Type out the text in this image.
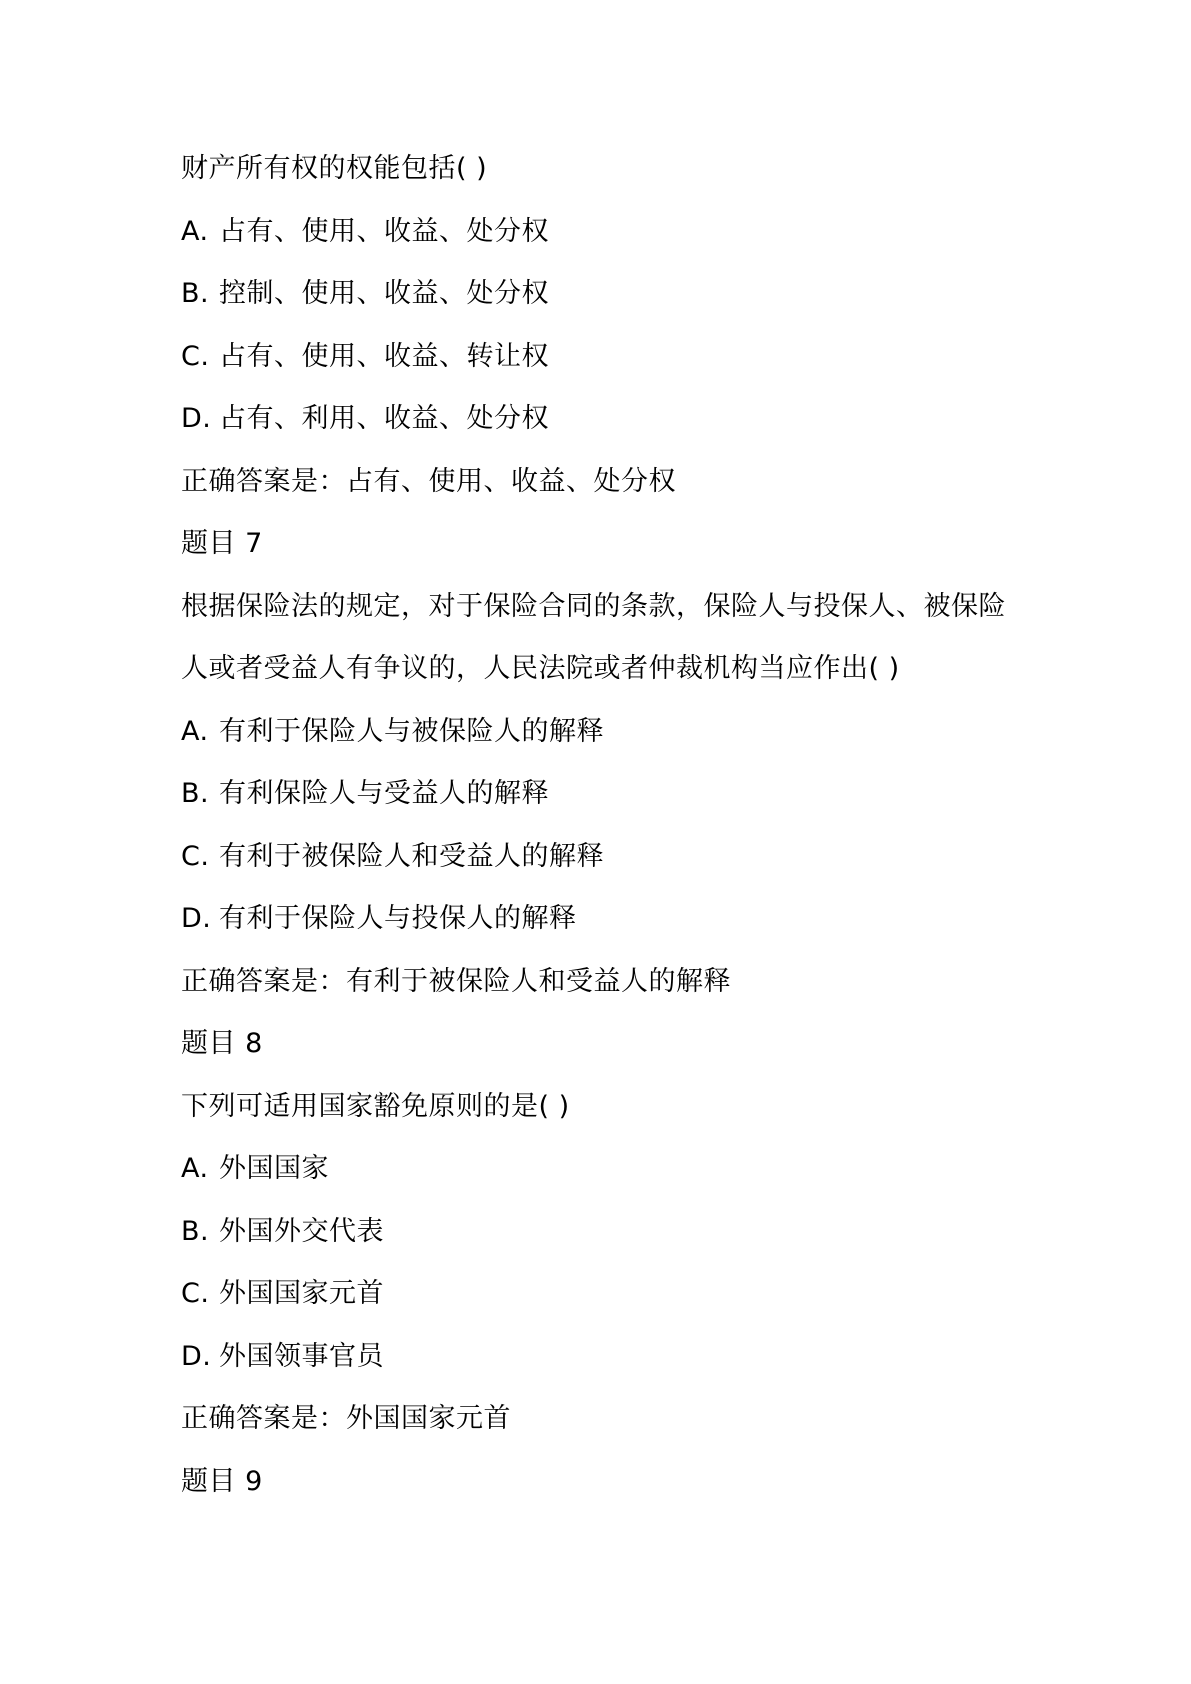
财产所有权的权能包括( )
A. 占有、使用、收益、处分权
B. 控制、使用、收益、处分权
C. 占有、使用、收益、转让权
D. 占有、利用、收益、处分权
正确答案是：占有、使用、收益、处分权
题目 7
根据保险法的规定，对于保险合同的条款，保险人与投保人、被保险
人或者受益人有争议的，人民法院或者仲裁机构当应作出( )
A. 有利于保险人与被保险人的解释
B. 有利保险人与受益人的解释
C. 有利于被保险人和受益人的解释
D. 有利于保险人与投保人的解释
正确答案是：有利于被保险人和受益人的解释
题目 8
下列可适用国家豁免原则的是( )
A. 外国国家
B. 外国外交代表
C. 外国国家元首
D. 外国领事官员
正确答案是：外国国家元首
题目 9
